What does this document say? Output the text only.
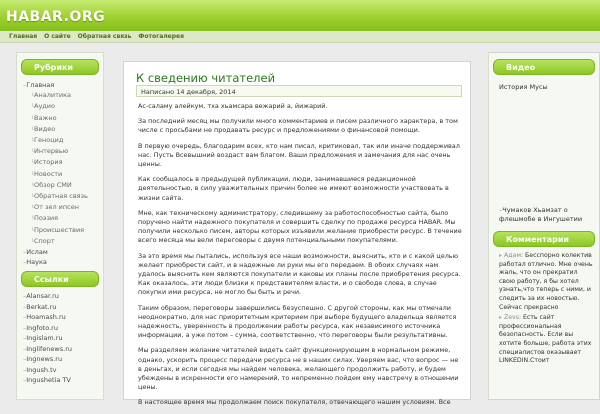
HABAR.ORG
Главная О сайте Обратная связь Фотогалерея
Рубрики
– Главная
└ Аналитика
└ Аудио
└ Важно
└ Видео
└ Геноцид
└ Интервью
└ История
└ Новости
└ Обзор СМИ
└ Обратная связь
└ От зел ипсен
└ Поэзия
└ Происшествия
└ Спорт
– Ислам
– Наука
Ссылки
– Alansar.ru
– Berkat.ru
– Hoamash.ru
– Ingfoto.ru
– Ingislam.ru
– Inglifenews.ru
– Ingnews.ru
– Ingush.tv
– Ingushetia TV
К сведению читателей
Написано 14 декабря, 2014

Ас-саламу алейкум, тха хьамсара вежарий а, йижарий.

За последний месяц мы получили много комментариев и писем различного характера, в том числе с просьбами не продавать ресурс и предложениями о финансовой помощи.

В первую очередь, благодарим всех, кто нам писал, критиковал, так или иначе поддерживал нас. Пусть Всевышний воздаст вам благом. Ваши предложения и замечания для нас очень ценны.

Как сообщалось в предыдущей публикации, люди, занимавшиеся редакционной деятельностью, в силу уважительных причин более не имеют возможности участвовать в жизни сайта.

Мне, как техническому администратору, следившему за работоспособностью сайта, было поручено найти надежного покупателя и совершить сделку по продаже ресурса HABAR. Мы получили несколько писем, авторы которых изъявили желание приобрести ресурс. В течение всего месяца мы вели переговоры с двумя потенциальными покупателями.

За это время мы пытались, используя все наши возможности, выяснить, кто и с какой целью желает приобрести сайт, и в надежные ли руки мы его передаем. В обоих случаях нам удалось выяснить кем являются покупатели и каковы их планы после приобретения ресурса. Как оказалось, эти люди близки к представителям власти, и о свободе слова, в случае покупки ими ресурса, не могло бы быть и речи.

Таким образом, переговоры завершились безуспешно. С другой стороны, как мы отмечали неоднократно, для нас приоритетным критерием при выборе будущего владельца является надежность, уверенность в продолжении работы ресурса, как независимого источника информации, а уже потом – сумма, соответственно, что переговоры были результативны.

Мы разделяем желание читателей видеть сайт функционирующим в нормальном режиме, однако, ускорить процесс передачи ресурса не в наших силах. Уверяем вас, что вопрос — не в деньгах, и если сегодня мы найдем человека, желающего продолжить работу, и будем убеждены в искренности его намерений, то непременно пойдем ему навстречу в отношении цены.

В настоящее время мы продолжаем поиск покупателя, отвечающего нашим условиям. Все

Видео
История Мусы
– Чумаков Хьамзат о флешмобе в Ингушетии
Комментарии
▸ Адам: Бесспорно колектив работал отлично. Мне очень жаль, что он прекратил свою работу, я бы хотел узнать,что теперь с ними, и следить за их новостью. Сейчас прекрасно
▸ Zevs: Есть сайт профессиональная безопасность. Если вы хотите больше, работа этих специалистов оказывает LINKEDIN.Стоит
